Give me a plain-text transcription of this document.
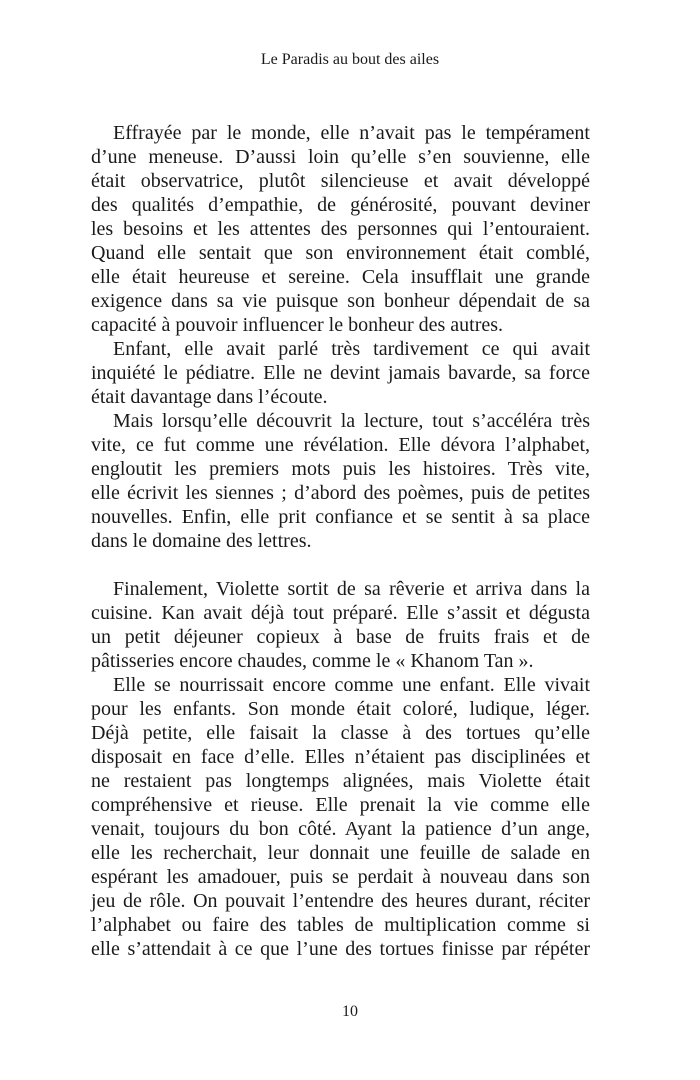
Le Paradis au bout des ailes
Effrayée par le monde, elle n’avait pas le tempérament
d’une meneuse. D’aussi loin qu’elle s’en souvienne, elle
était observatrice, plutôt silencieuse et avait développé
des qualités d’empathie, de générosité, pouvant deviner
les besoins et les attentes des personnes qui l’entouraient.
Quand elle sentait que son environnement était comblé,
elle était heureuse et sereine. Cela insufflait une grande
exigence dans sa vie puisque son bonheur dépendait de sa
capacité à pouvoir influencer le bonheur des autres.
Enfant, elle avait parlé très tardivement ce qui avait
inquiété le pédiatre. Elle ne devint jamais bavarde, sa force
était davantage dans l’écoute.
Mais lorsqu’elle découvrit la lecture, tout s’accéléra très
vite, ce fut comme une révélation. Elle dévora l’alphabet,
engloutit les premiers mots puis les histoires. Très vite,
elle écrivit les siennes ; d’abord des poèmes, puis de petites
nouvelles. Enfin, elle prit confiance et se sentit à sa place
dans le domaine des lettres.
Finalement, Violette sortit de sa rêverie et arriva dans la
cuisine. Kan avait déjà tout préparé. Elle s’assit et dégusta
un petit déjeuner copieux à base de fruits frais et de
pâtisseries encore chaudes, comme le « Khanom Tan ».
Elle se nourrissait encore comme une enfant. Elle vivait
pour les enfants. Son monde était coloré, ludique, léger.
Déjà petite, elle faisait la classe à des tortues qu’elle
disposait en face d’elle. Elles n’étaient pas disciplinées et
ne restaient pas longtemps alignées, mais Violette était
compréhensive et rieuse. Elle prenait la vie comme elle
venait, toujours du bon côté. Ayant la patience d’un ange,
elle les recherchait, leur donnait une feuille de salade en
espérant les amadouer, puis se perdait à nouveau dans son
jeu de rôle. On pouvait l’entendre des heures durant, réciter
l’alphabet ou faire des tables de multiplication comme si
elle s’attendait à ce que l’une des tortues finisse par répéter
10
